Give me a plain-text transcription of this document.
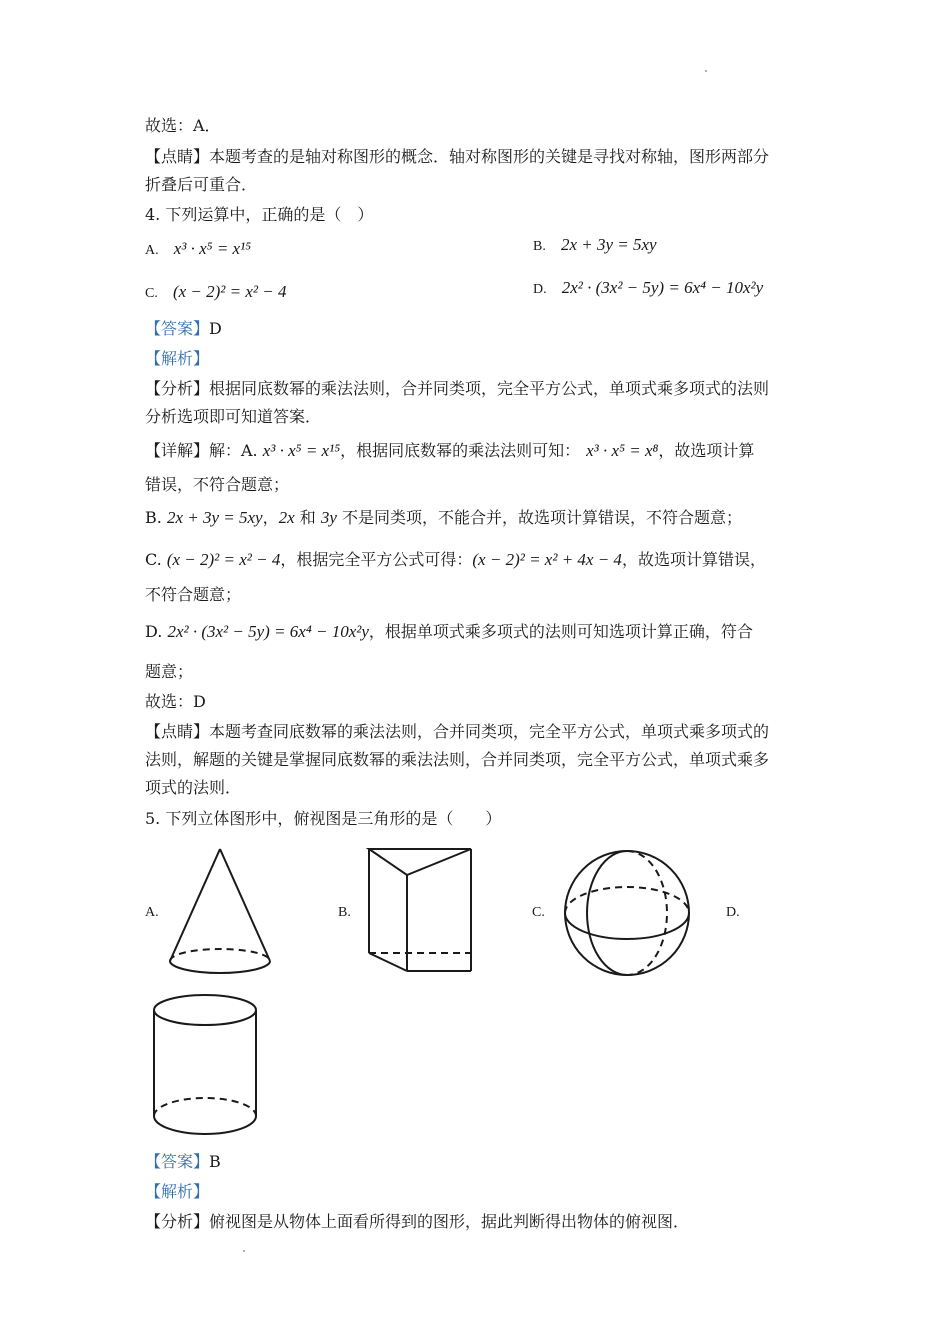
故选：A．
【点睛】本题考查的是轴对称图形的概念．轴对称图形的关键是寻找对称轴，图形两部分
折叠后可重合．
4. 下列运算中，正确的是（　）
A. x³ · x⁵ = x¹⁵	B. 2x + 3y = 5xy
C. (x − 2)² = x² − 4	D. 2x² · (3x² − 5y) = 6x⁴ − 10x²y
【答案】D
【解析】
【分析】根据同底数幂的乘法法则，合并同类项，完全平方公式，单项式乘多项式的法则
分析选项即可知道答案．
【详解】解：A. x³ · x⁵ = x¹⁵，根据同底数幂的乘法法则可知： x³ · x⁵ = x⁸，故选项计算
错误，不符合题意；
B. 2x + 3y = 5xy，2x 和 3y 不是同类项，不能合并，故选项计算错误，不符合题意；
C. (x − 2)² = x² − 4，根据完全平方公式可得：(x − 2)² = x² + 4x − 4，故选项计算错误，
不符合题意；
D. 2x² · (3x² − 5y) = 6x⁴ − 10x²y，根据单项式乘多项式的法则可知选项计算正确，符合
题意；
故选：D
【点睛】本题考查同底数幂的乘法法则，合并同类项，完全平方公式，单项式乘多项式的
法则，解题的关键是掌握同底数幂的乘法法则，合并同类项，完全平方公式，单项式乘多
项式的法则．
5. 下列立体图形中，俯视图是三角形的是（　　）
A.	B.	C.	D.
【答案】B
【解析】
【分析】俯视图是从物体上面看所得到的图形，据此判断得出物体的俯视图．
